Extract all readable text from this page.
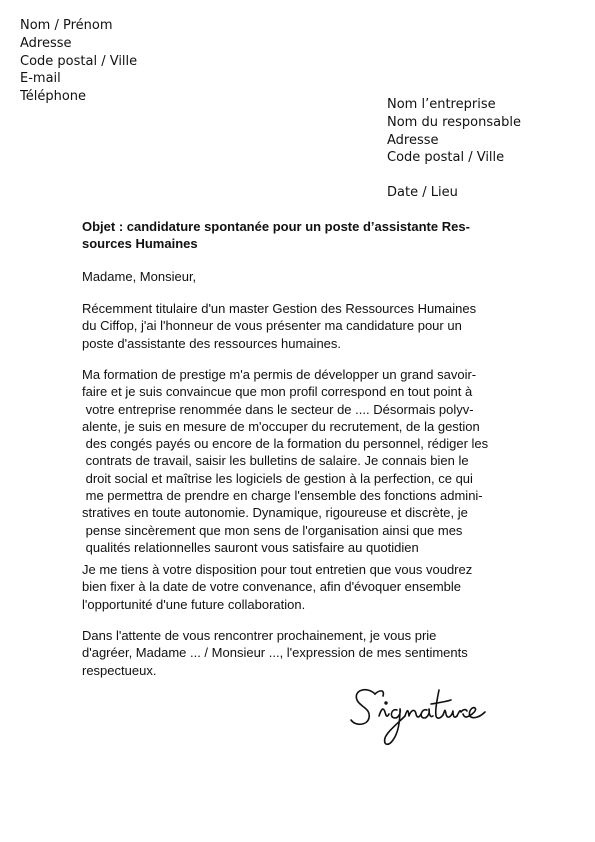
Nom / Prénom
Adresse
Code postal / Ville
E-mail
Téléphone
Nom l’entreprise
Nom du responsable
Adresse
Code postal / Ville
Date / Lieu
Objet : candidature spontanée pour un poste d’assistante Res-
sources Humaines
Madame, Monsieur,
Récemment titulaire d'un master Gestion des Ressources Humaines
du Ciffop, j'ai l'honneur de vous présenter ma candidature pour un
poste d'assistante des ressources humaines.
Ma formation de prestige m'a permis de développer un grand savoir-
faire et je suis convaincue que mon profil correspond en tout point à
votre entreprise renommée dans le secteur de .... Désormais polyv-
alente, je suis en mesure de m'occuper du recrutement, de la gestion
des congés payés ou encore de la formation du personnel, rédiger les
contrats de travail, saisir les bulletins de salaire. Je connais bien le
droit social et maîtrise les logiciels de gestion à la perfection, ce qui
me permettra de prendre en charge l'ensemble des fonctions admini-
stratives en toute autonomie. Dynamique, rigoureuse et discrète, je
pense sincèrement que mon sens de l'organisation ainsi que mes
qualités relationnelles sauront vous satisfaire au quotidien
Je me tiens à votre disposition pour tout entretien que vous voudrez
bien fixer à la date de votre convenance, afin d'évoquer ensemble
l'opportunité d'une future collaboration.
Dans l'attente de vous rencontrer prochainement, je vous prie
d'agréer, Madame ... / Monsieur ..., l'expression de mes sentiments
respectueux.
